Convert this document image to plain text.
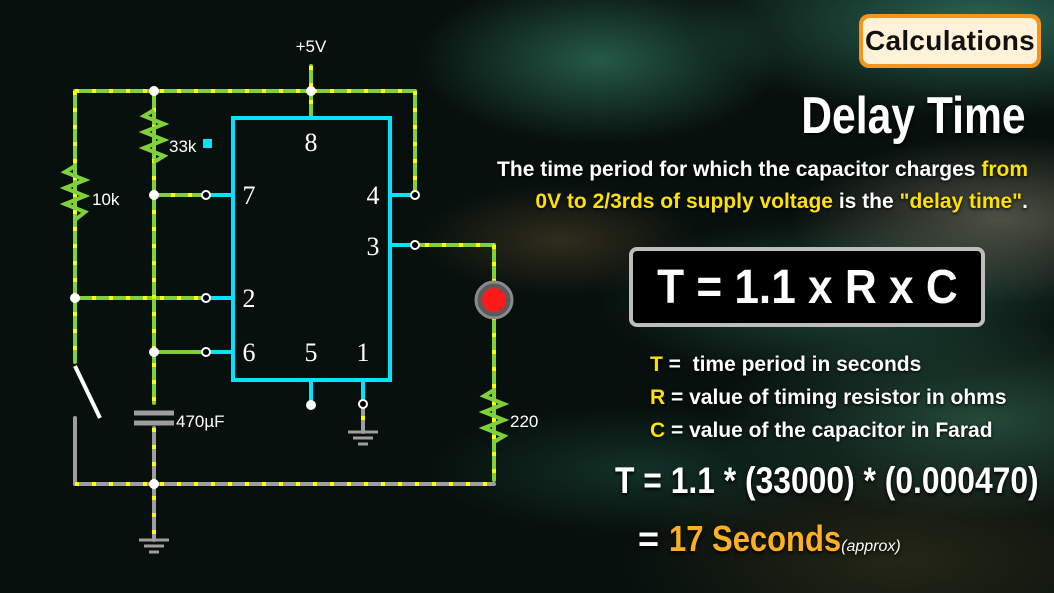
+5V
33k
10k
470µF	220
8
7	4
3
2
6 5 1
Calculations
Delay Time
The time period for which the capacitor charges from 0V to 2/3rds of supply voltage is the "delay time".
T = 1.1 x R x C
T =  time period in seconds
R = value of timing resistor in ohms
C = value of the capacitor in Farad
T = 1.1 * (33000) * (0.000470)
= 17 Seconds(approx)
